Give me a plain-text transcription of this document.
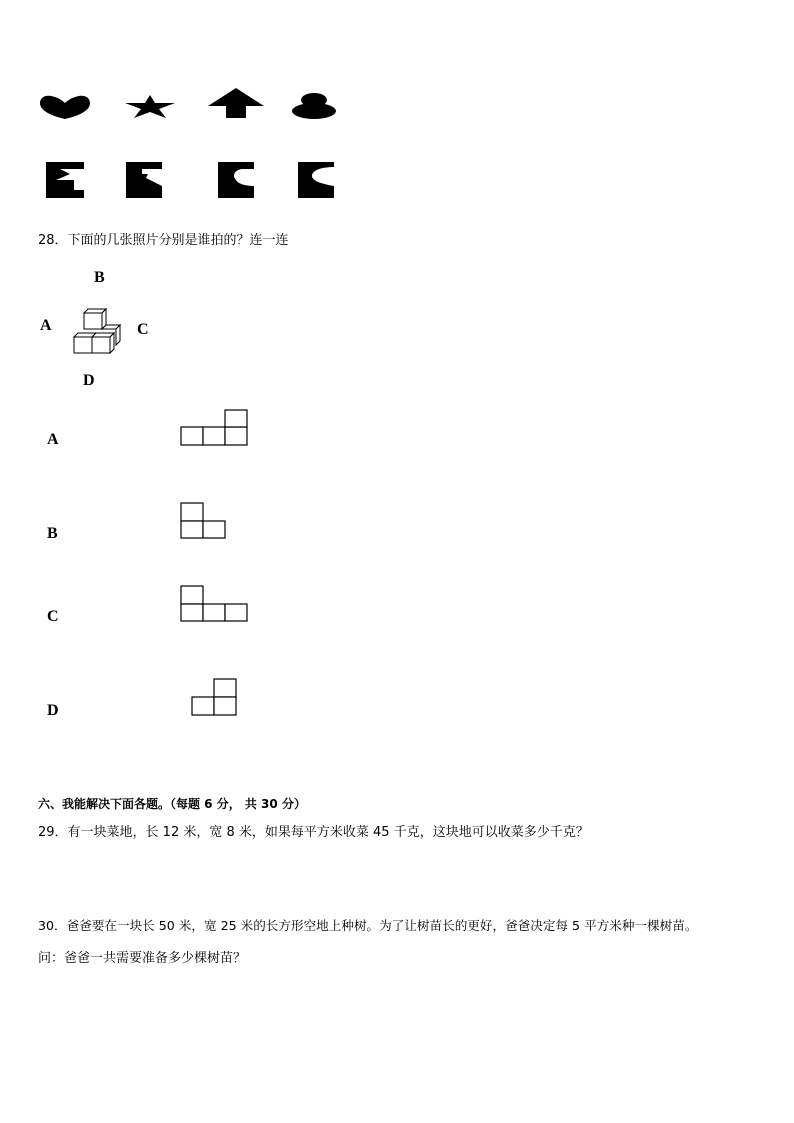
28．下面的几张照片分别是谁拍的？连一连
B
A	C
D
A
B
C
D
六、我能解决下面各题。（每题 6 分， 共 30 分）
29．有一块菜地，长 12 米，宽 8 米，如果每平方米收菜 45 千克，这块地可以收菜多少千克？
30．爸爸要在一块长 50 米，宽 25 米的长方形空地上种树。为了让树苗长的更好，爸爸决定每 5 平方米种一棵树苗。
问：爸爸一共需要准备多少棵树苗？
